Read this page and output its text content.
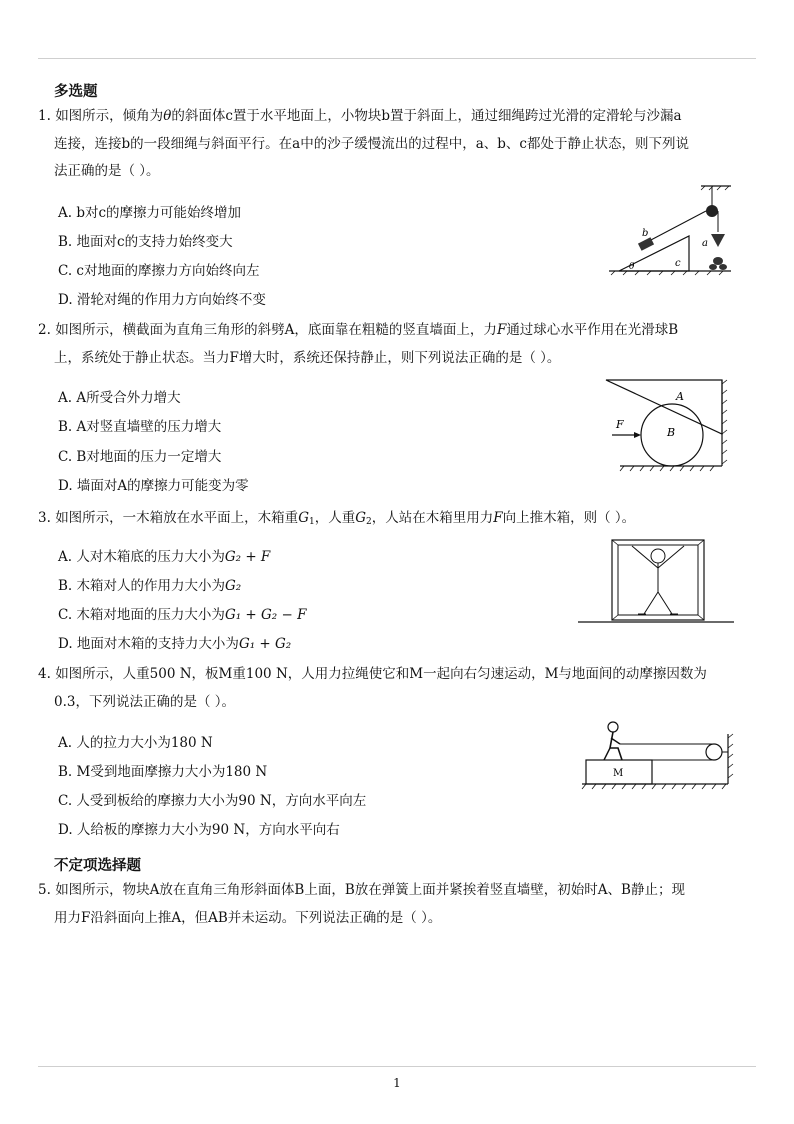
多选题
1. 如图所示，倾角为θ的斜面体c置于水平地面上，小物块b置于斜面上，通过细绳跨过光滑的定滑轮与沙漏a
连接，连接b的一段细绳与斜面平行。在a中的沙子缓慢流出的过程中，a、b、c都处于静止状态，则下列说
法正确的是（ ）。
A. b对c的摩擦力可能始终增加
B. 地面对c的支持力始终变大
C. c对地面的摩擦力方向始终向左
D. 滑轮对绳的作用力方向始终不变
b
a
c
θ
2. 如图所示，横截面为直角三角形的斜劈A，底面靠在粗糙的竖直墙面上，力F通过球心水平作用在光滑球B
上，系统处于静止状态。当力F增大时，系统还保持静止，则下列说法正确的是（ ）。
A. A所受合外力增大
B. A对竖直墙壁的压力增大
C. B对地面的压力一定增大
D. 墙面对A的摩擦力可能变为零
A
B
F
3. 如图所示，一木箱放在水平面上，木箱重$G_1$，人重$G_2$，人站在木箱里用力F向上推木箱，则（ ）。
A. 人对木箱底的压力大小为G₂ + F
B. 木箱对人的作用力大小为G₂
C. 木箱对地面的压力大小为G₁ + G₂ − F
D. 地面对木箱的支持力大小为G₁ + G₂
4. 如图所示，人重500 N，板M重100 N，人用力拉绳使它和M一起向右匀速运动，M与地面间的动摩擦因数为
0.3，下列说法正确的是（ ）。
A. 人的拉力大小为180 N
B. M受到地面摩擦力大小为180 N
C. 人受到板给的摩擦力大小为90 N，方向水平向左
D. 人给板的摩擦力大小为90 N，方向水平向右
M
不定项选择题
5. 如图所示，物块A放在直角三角形斜面体B上面，B放在弹簧上面并紧挨着竖直墙壁，初始时A、B静止；现
用力F沿斜面向上推A，但AB并未运动。下列说法正确的是（ ）。
1
